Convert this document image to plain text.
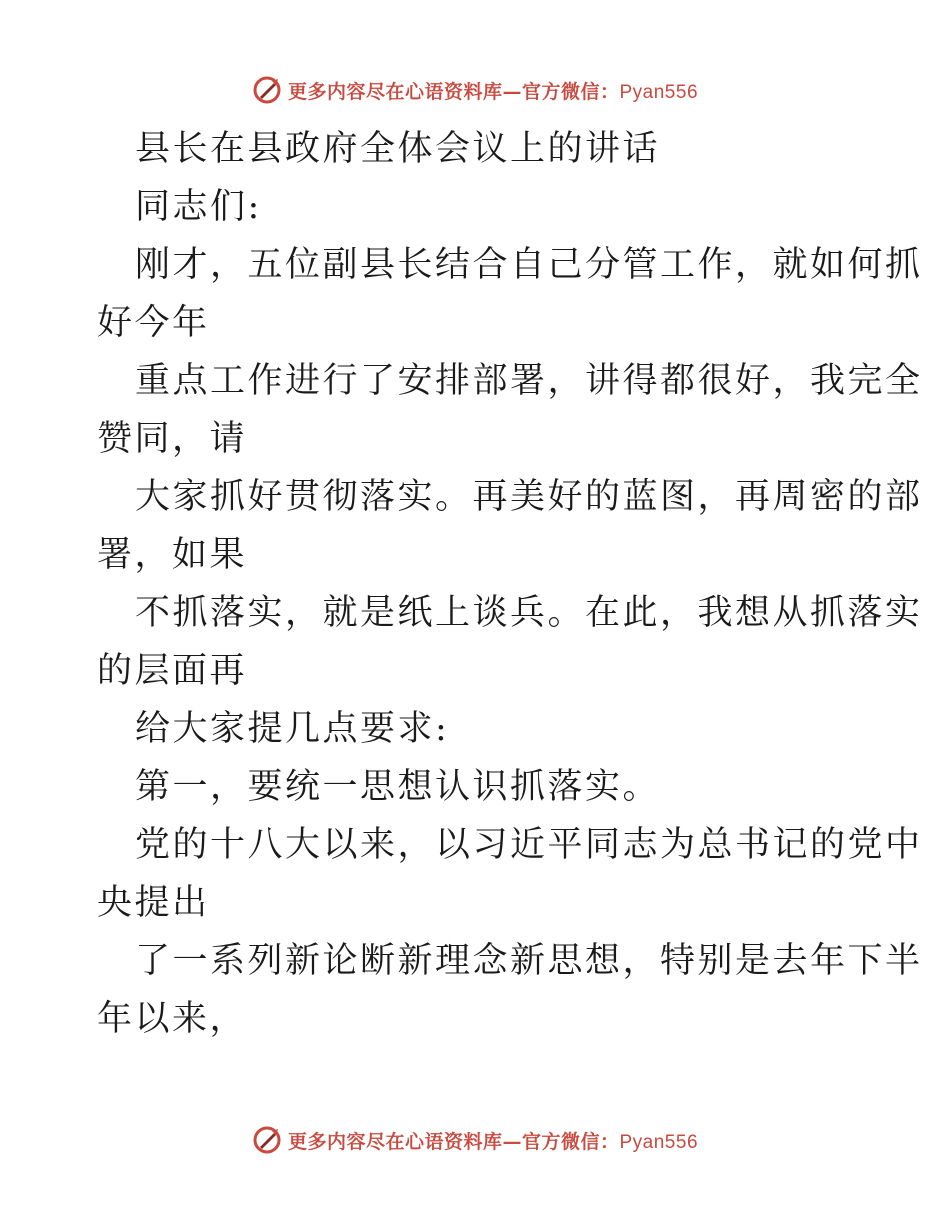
更多内容尽在心语资料库—官方微信：Pyan556
县长在县政府全体会议上的讲话
同志们:
刚才，五位副县长结合自己分管工作，就如何抓
好今年
重点工作进行了安排部署，讲得都很好，我完全
赞同，请
大家抓好贯彻落实。再美好的蓝图，再周密的部
署，如果
不抓落实，就是纸上谈兵。在此，我想从抓落实
的层面再
给大家提几点要求:
第一，要统一思想认识抓落实。
党的十八大以来，以习近平同志为总书记的党中
央提出
了一系列新论断新理念新思想，特别是去年下半
年以来，
更多内容尽在心语资料库—官方微信：Pyan556
